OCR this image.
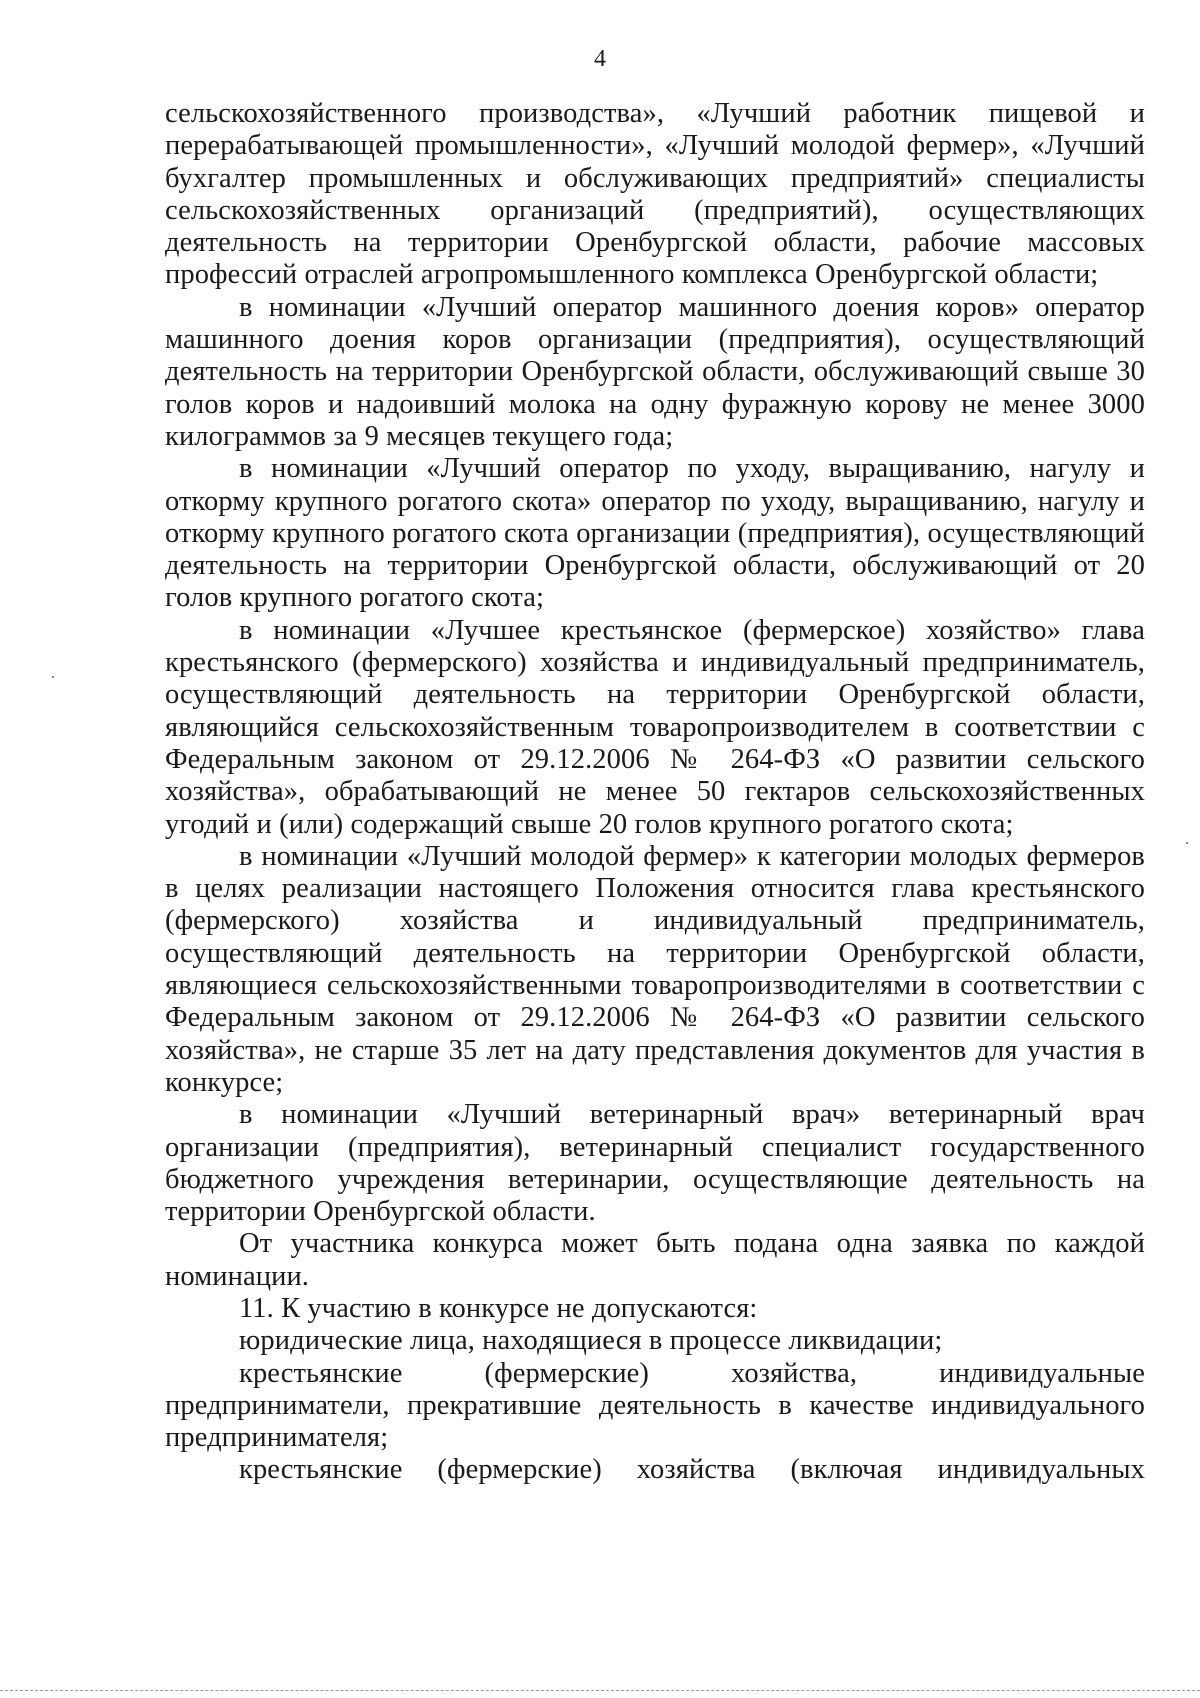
4

сельскохозяйственного производства», «Лучший работник пищевой и перерабатывающей промышленности», «Лучший молодой фермер», «Лучший бухгалтер промышленных и обслуживающих предприятий» специалисты сельскохозяйственных организаций (предприятий), осуществляющих деятельность на территории Оренбургской области, рабочие массовых профессий отраслей агропромышленного комплекса Оренбургской области;

в номинации «Лучший оператор машинного доения коров» оператор машинного доения коров организации (предприятия), осуществляющий деятельность на территории Оренбургской области, обслуживающий свыше 30 голов коров и надоивший молока на одну фуражную корову не менее 3000 килограммов за 9 месяцев текущего года;

в номинации «Лучший оператор по уходу, выращиванию, нагулу и откорму крупного рогатого скота» оператор по уходу, выращиванию, нагулу и откорму крупного рогатого скота организации (предприятия), осуществляющий деятельность на территории Оренбургской области, обслуживающий от 20 голов крупного рогатого скота;

в номинации «Лучшее крестьянское (фермерское) хозяйство» глава крестьянского (фермерского) хозяйства и индивидуальный предприниматель, осуществляющий деятельность на территории Оренбургской области, являющийся сельскохозяйственным товаропроизводителем в соответствии с Федеральным законом от 29.12.2006 № 264-ФЗ «О развитии сельского хозяйства», обрабатывающий не менее 50 гектаров сельскохозяйственных угодий и (или) содержащий свыше 20 голов крупного рогатого скота;

в номинации «Лучший молодой фермер» к категории молодых фермеров в целях реализации настоящего Положения относится глава крестьянского (фермерского) хозяйства и индивидуальный предприниматель, осуществляющий деятельность на территории Оренбургской области, являющиеся сельскохозяйственными товаропроизводителями в соответствии с Федеральным законом от 29.12.2006 № 264-ФЗ «О развитии сельского хозяйства», не старше 35 лет на дату представления документов для участия в конкурсе;

в номинации «Лучший ветеринарный врач» ветеринарный врач организации (предприятия), ветеринарный специалист государственного бюджетного учреждения ветеринарии, осуществляющие деятельность на территории Оренбургской области.

От участника конкурса может быть подана одна заявка по каждой номинации.

11. К участию в конкурсе не допускаются:

юридические лица, находящиеся в процессе ликвидации;

крестьянские (фермерские) хозяйства, индивидуальные предприниматели, прекратившие деятельность в качестве индивидуального предпринимателя;

крестьянские (фермерские) хозяйства (включая индивидуальных
